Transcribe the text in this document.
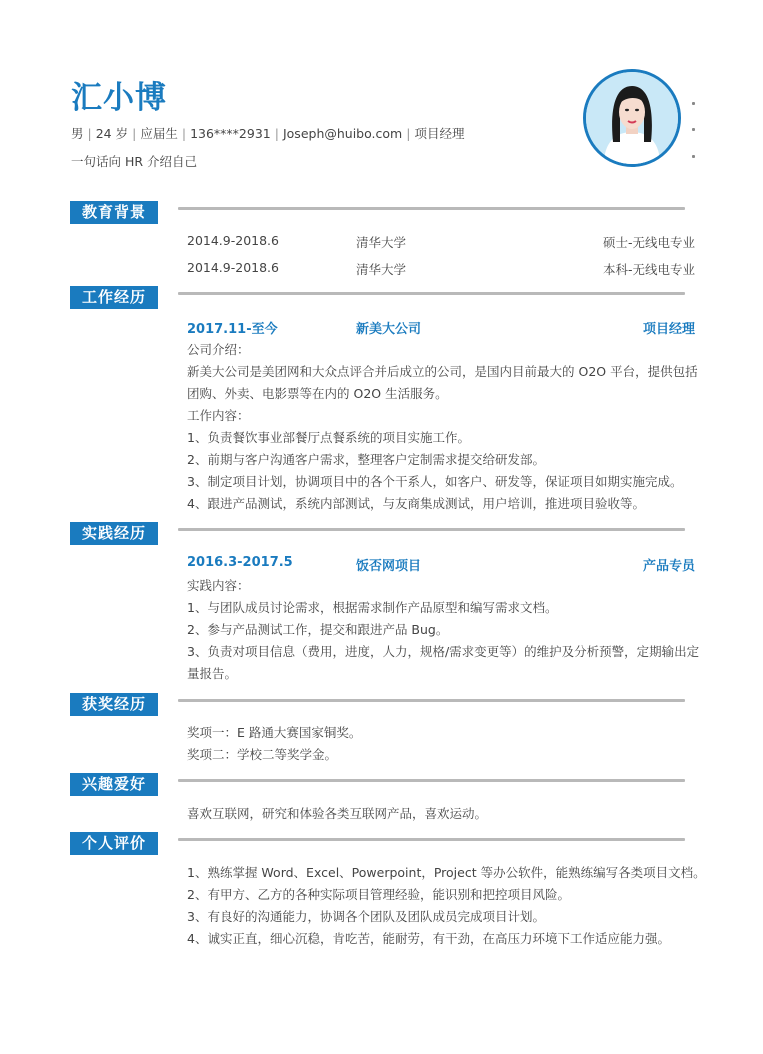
汇小博
男 | 24 岁 | 应届生 | 136****2931 | Joseph@huibo.com | 项目经理
一句话向 HR 介绍自己
教育背景
2014.9-2018.6	清华大学	硕士-无线电专业
2014.9-2018.6	清华大学	本科-无线电专业
工作经历
2017.11-至今	新美大公司	项目经理
公司介绍：
新美大公司是美团网和大众点评合并后成立的公司，是国内目前最大的 O2O 平台，提供包括
团购、外卖、电影票等在内的 O2O 生活服务。
工作内容：
1、负责餐饮事业部餐厅点餐系统的项目实施工作。
2、前期与客户沟通客户需求，整理客户定制需求提交给研发部。
3、制定项目计划，协调项目中的各个干系人，如客户、研发等，保证项目如期实施完成。
4、跟进产品测试，系统内部测试，与友商集成测试，用户培训，推进项目验收等。
实践经历
2016.3-2017.5	饭否网项目	产品专员
实践内容：
1、与团队成员讨论需求，根据需求制作产品原型和编写需求文档。
2、参与产品测试工作，提交和跟进产品 Bug。
3、负责对项目信息（费用，进度，人力，规格/需求变更等）的维护及分析预警，定期输出定
量报告。
获奖经历
奖项一：E 路通大赛国家铜奖。
奖项二：学校二等奖学金。
兴趣爱好
喜欢互联网，研究和体验各类互联网产品，喜欢运动。
个人评价
1、熟练掌握 Word、Excel、Powerpoint，Project 等办公软件，能熟练编写各类项目文档。
2、有甲方、乙方的各种实际项目管理经验，能识别和把控项目风险。
3、有良好的沟通能力，协调各个团队及团队成员完成项目计划。
4、诚实正直，细心沉稳，肯吃苦，能耐劳，有干劲，在高压力环境下工作适应能力强。
